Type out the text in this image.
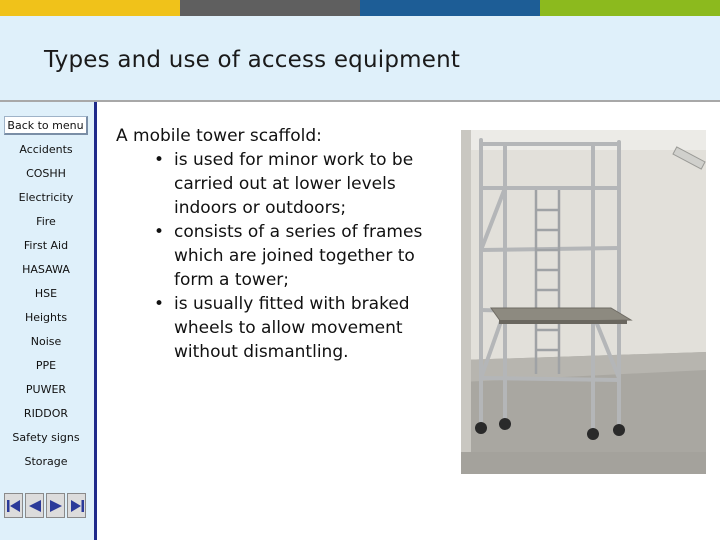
Types and use of access equipment
Back to menu
Accidents
COSHH
Electricity
Fire
First Aid
HASAWA
HSE
Heights
Noise
PPE
PUWER
RIDDOR
Safety signs
Storage
A mobile tower scaffold:
• is used for minor work to be carried out at lower levels indoors or outdoors;
• consists of a series of frames which are joined together to form a tower;
• is usually fitted with braked wheels to allow movement without dismantling.
